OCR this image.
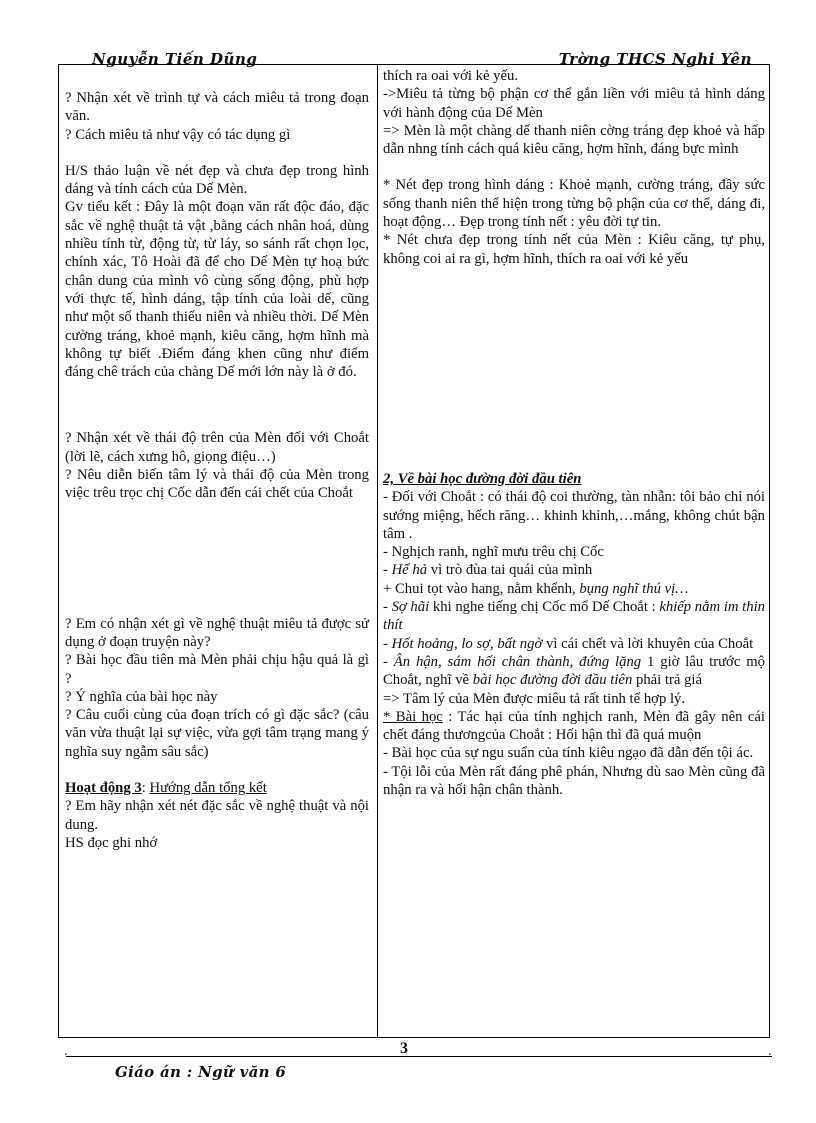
Nguyễn Tiến Dũng	Trờng THCS Nghi Yên

? Nhận xét về trình tự và cách miêu tả trong đoạn văn.

? Cách miêu tả như vậy có tác dụng gì

H/S thảo luận về nét đẹp và chưa đẹp trong hình dáng và tính cách của Dế Mèn.

Gv tiểu kết : Đây là một đoạn văn rất độc đáo, đặc sắc về nghệ thuật tả vật ,bằng cách nhân hoá, dùng nhiều tính từ, động từ, từ láy, so sánh rất chọn lọc, chính xác, Tô Hoài đã để cho Dế Mèn tự hoạ bức chân dung của mình vô cùng sống động, phù hợp với thực tế, hình dáng, tập tính của loài dế, cũng như một số thanh thiếu niên và nhiều thời. Dế Mèn cường tráng, khoẻ mạnh, kiêu căng, hợm hĩnh mà không tự biết .Điểm đáng khen cũng như điểm đáng chê trách của chàng Dế mới lớn này là ở đó.

? Nhận xét về thái độ trên của Mèn đối với Choắt (lời lẽ, cách xưng hô, giọng điệu…)

? Nêu diễn biến tâm lý và thái độ của Mèn trong việc trêu trọc chị Cốc dẫn đến cái chết của Choắt

? Em có nhận xét gì về nghệ thuật miêu tả được sử dụng ở đoạn truyện này?

? Bài học đầu tiên mà Mèn phải chịu hậu quả là gì ?

? Ý nghĩa của bài học này

? Câu cuối cùng của đoạn trích có gì đặc sắc? (câu văn vừa thuật lại sự việc, vừa gợi tâm trạng mang ý nghĩa suy ngẫm sâu sắc)

Hoạt động 3: Hướng dẫn tổng kết

? Em hãy nhận xét nét đặc sắc về nghệ thuật và nội dung.

HS đọc ghi nhớ

thích ra oai với kẻ yếu.

->Miêu tả từng bộ phận cơ thể gắn liền với miêu tả hình dáng với hành động của Dế Mèn

=> Mèn là một chàng dế thanh niên cờng tráng đẹp khoẻ và hấp dẫn nhng tính cách quá kiêu căng, hợm hĩnh, đáng bực mình

* Nét đẹp trong hình dáng : Khoẻ mạnh, cường tráng, đầy sức sống thanh niên thể hiện trong từng bộ phận của cơ thể, dáng đi, hoạt động… Đẹp trong tính nết : yêu đời tự tin.

* Nét chưa đẹp trong tính nết của Mèn : Kiêu căng, tự phụ, không coi ai ra gì, hợm hĩnh, thích ra oai với kẻ yếu

2, Về bài học đường đời đầu tiên

- Đối với Choắt : có thái độ coi thường, tàn nhẫn: tôi bảo chỉ nói sướng miệng, hếch răng… khinh khỉnh,…mắng, không chút bận tâm .

- Nghịch ranh, nghĩ mưu trêu chị Cốc

- Hể hả vì trò đùa tai quái của mình

+ Chui tọt vào hang, nằm khểnh, bụng nghĩ thú vị…

- Sợ hãi khi nghe tiếng chị Cốc mổ Dế Choắt : khiếp nằm im thin thít

- Hốt hoảng, lo sợ, bất ngờ vì cái chết và lời khuyên của Choắt

- Ân hận, sám hối chân thành, đứng lặng 1 giờ lâu trước mộ Choắt, nghĩ về bài học đường đời đầu tiên phải trả giá

=> Tâm lý của Mèn được miêu tả rất tinh tế hợp lý.

* Bài học : Tác hại của tính nghịch ranh, Mèn đã gây nên cái chết đáng thươngcủa Choắt : Hối hận thì đã quá muộn

- Bài học của sự ngu suẩn của tính kiêu ngạo đã dẫn đến tội ác.

- Tội lỗi của Mèn rất đáng phê phán, Nhưng dù sao Mèn cũng đã nhận ra và hối hận chân thành.

.	3	.
Giáo án : Ngữ văn 6
